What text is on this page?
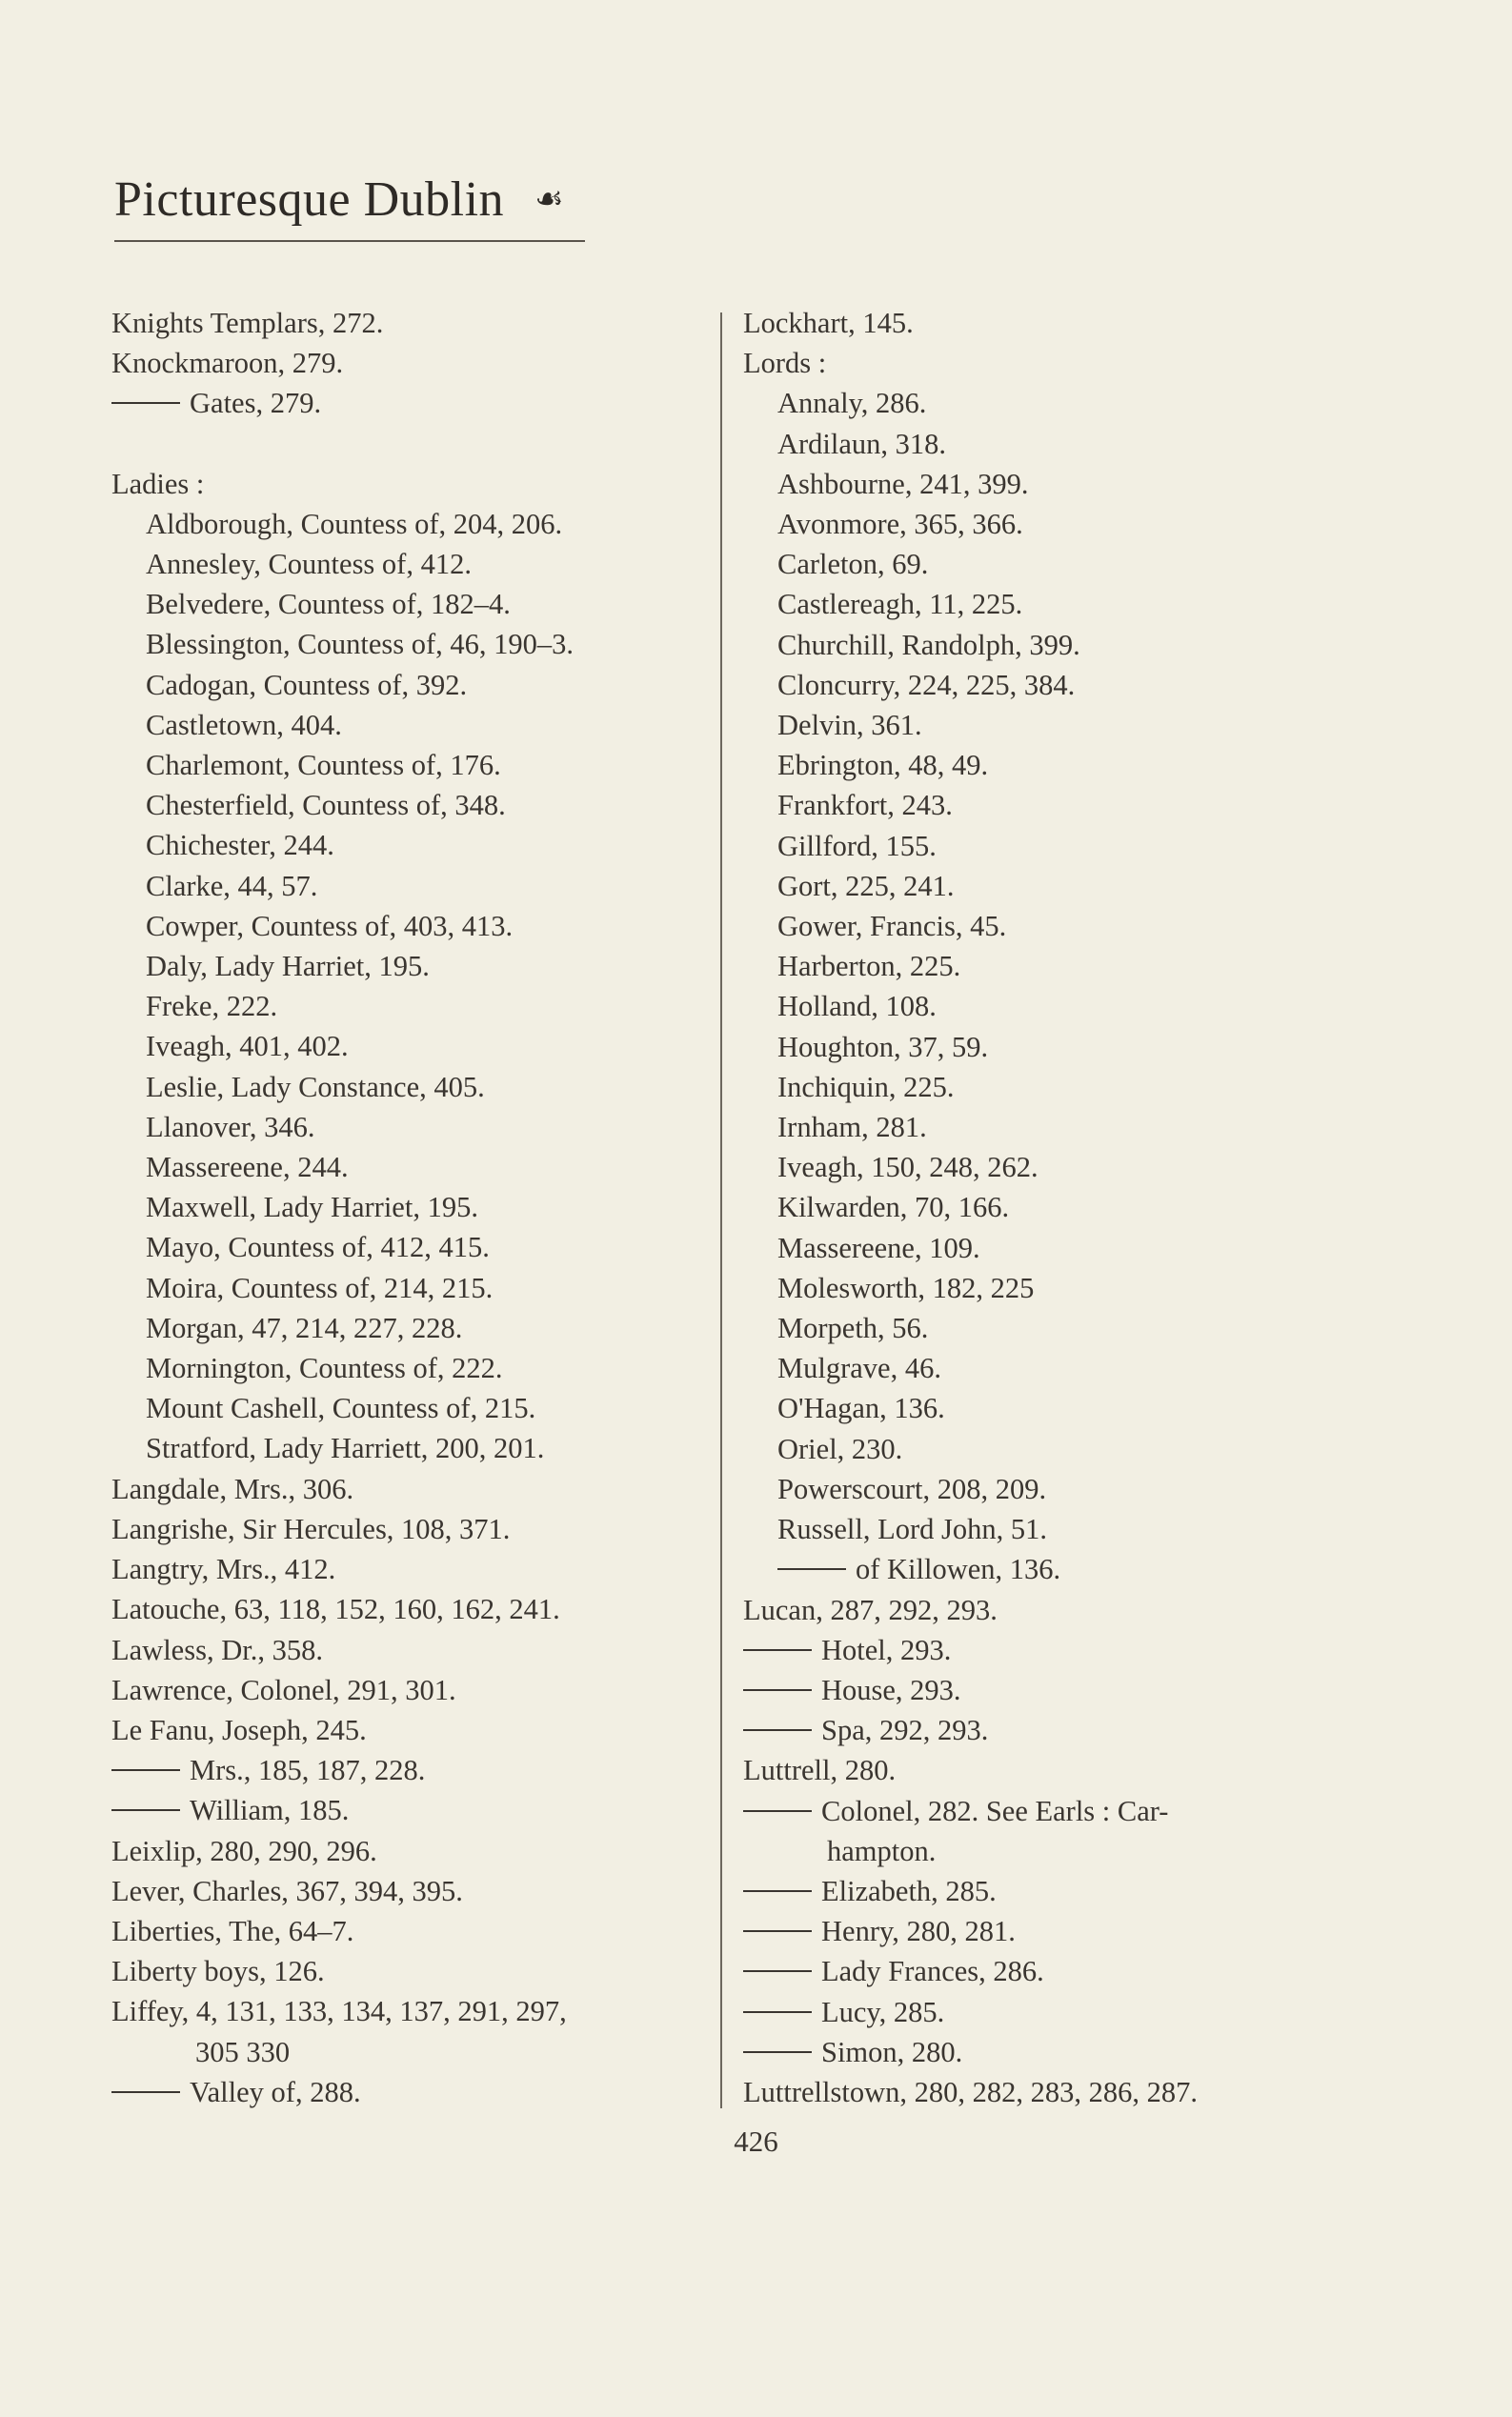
Picturesque Dublin ☙
Knights Templars, 272.
Knockmaroon, 279.
Gates, 279.
Ladies :
Aldborough, Countess of, 204, 206.
Annesley, Countess of, 412.
Belvedere, Countess of, 182–4.
Blessington, Countess of, 46, 190–3.
Cadogan, Countess of, 392.
Castletown, 404.
Charlemont, Countess of, 176.
Chesterfield, Countess of, 348.
Chichester, 244.
Clarke, 44, 57.
Cowper, Countess of, 403, 413.
Daly, Lady Harriet, 195.
Freke, 222.
Iveagh, 401, 402.
Leslie, Lady Constance, 405.
Llanover, 346.
Massereene, 244.
Maxwell, Lady Harriet, 195.
Mayo, Countess of, 412, 415.
Moira, Countess of, 214, 215.
Morgan, 47, 214, 227, 228.
Mornington, Countess of, 222.
Mount Cashell, Countess of, 215.
Stratford, Lady Harriett, 200, 201.
Langdale, Mrs., 306.
Langrishe, Sir Hercules, 108, 371.
Langtry, Mrs., 412.
Latouche, 63, 118, 152, 160, 162, 241.
Lawless, Dr., 358.
Lawrence, Colonel, 291, 301.
Le Fanu, Joseph, 245.
Mrs., 185, 187, 228.
William, 185.
Leixlip, 280, 290, 296.
Lever, Charles, 367, 394, 395.
Liberties, The, 64–7.
Liberty boys, 126.
Liffey, 4, 131, 133, 134, 137, 291, 297,
305 330
Valley of, 288.
Lockhart, 145.
Lords :
Annaly, 286.
Ardilaun, 318.
Ashbourne, 241, 399.
Avonmore, 365, 366.
Carleton, 69.
Castlereagh, 11, 225.
Churchill, Randolph, 399.
Cloncurry, 224, 225, 384.
Delvin, 361.
Ebrington, 48, 49.
Frankfort, 243.
Gillford, 155.
Gort, 225, 241.
Gower, Francis, 45.
Harberton, 225.
Holland, 108.
Houghton, 37, 59.
Inchiquin, 225.
Irnham, 281.
Iveagh, 150, 248, 262.
Kilwarden, 70, 166.
Massereene, 109.
Molesworth, 182, 225
Morpeth, 56.
Mulgrave, 46.
O'Hagan, 136.
Oriel, 230.
Powerscourt, 208, 209.
Russell, Lord John, 51.
of Killowen, 136.
Lucan, 287, 292, 293.
Hotel, 293.
House, 293.
Spa, 292, 293.
Luttrell, 280.
Colonel, 282. See Earls : Car-
hampton.
Elizabeth, 285.
Henry, 280, 281.
Lady Frances, 286.
Lucy, 285.
Simon, 280.
Luttrellstown, 280, 282, 283, 286, 287.
426
